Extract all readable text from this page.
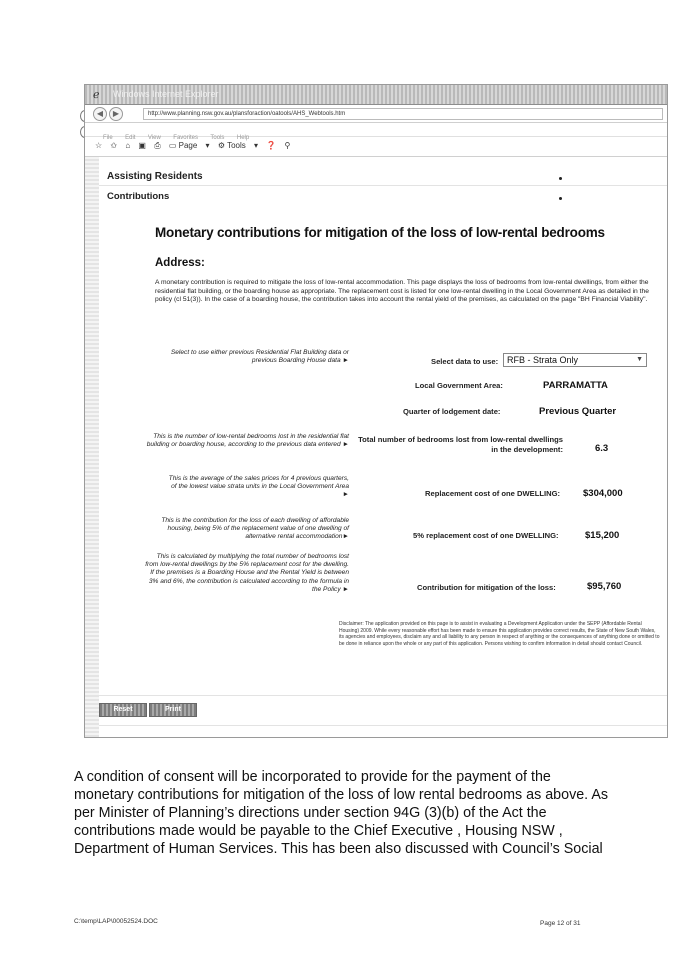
ℯ Windows Internet Explorer
◀	▶	http://www.planning.nsw.gov.au/plansforaction/oatools/AHS_Webtools.htm
File Edit View Favorites Tools Help
☆ ✩ ⌂ ▣ ⎙ ▭ Page ▾ ⚙ Tools ▾ ❓ ⚲
Assisting Residents
Contributions
Monetary contributions for mitigation of the loss of low-rental bedrooms
Address:
A monetary contribution is required to mitigate the loss of low-rental accommodation. This page displays the loss of bedrooms from low-rental dwellings, from either the residential flat building, or the boarding house as appropriate. The replacement cost is listed for one low-rental dwelling in the Local Government Area as detailed in the policy (cl 51(3)). In the case of a boarding house, the contribution takes into account the rental yield of the premises, as calculated on the page "BH Financial Viability".
Select to use either previous Residential Flat Building data or previous Boarding House data ►	Select data to use: RFB - Strata Only	▼
Local Government Area:	PARRAMATTA
Quarter of lodgement date:	Previous Quarter
This is the number of low-rental bedrooms lost in the residential flat building or boarding house, according to the previous data entered ►
Total number of bedrooms lost from low-rental dwellings in the development:	6.3
This is the average of the sales prices for 4 previous quarters, of the lowest value strata units in the Local Government Area ►	Replacement cost of one DWELLING: $304,000
This is the contribution for the loss of each dwelling of affordable housing, being 5% of the replacement value of one dwelling of alternative rental accommodation►	5% replacement cost of one DWELLING:	$15,200
This is calculated by multiplying the total number of bedrooms lost from low-rental dwellings by the 5% replacement cost for the dwelling. If the premises is a Boarding House and the Rental Yield is between 3% and 6%, the contribution is calculated according to the formula in the Policy ►	Contribution for mitigation of the loss:	$95,760
Disclaimer: The application provided on this page is to assist in evaluating a Development Application under the SEPP (Affordable Rental Housing) 2009. While every reasonable effort has been made to ensure this application provides correct results, the State of New South Wales, its agencies and employees, disclaim any and all liability to any person in respect of anything or the consequences of anything done or omitted to be done in reliance upon the whole or any part of this application. Persons wishing to confirm information in detail should contact Council.
Reset	Print
A condition of consent will be incorporated to provide for the payment of the monetary contributions for mitigation of the loss of low rental bedrooms as above. As per Minister of Planning’s directions under section 94G (3)(b) of the Act the contributions made would be payable to the Chief Executive , Housing NSW , Department of Human Services. This has been also discussed with Council’s Social
C:\temp\LAP\00052524.DOC	Page 12 of 31
